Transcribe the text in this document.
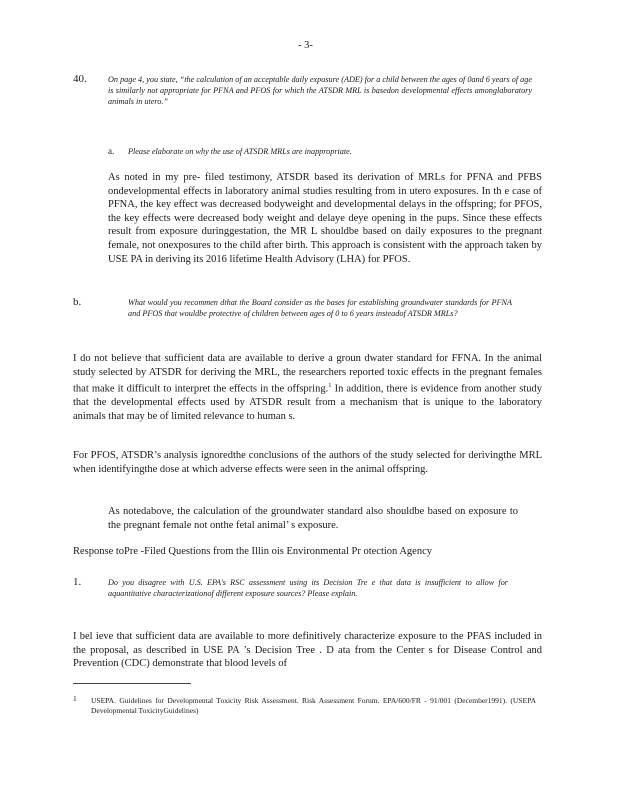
- 3-
40.	On page 4, you state, “the calculation of an acceptable daily exposure (ADE) for a child between the ages of 0and 6 years of age is similarly not appropriate for PFNA and PFOS for which the ATSDR MRL is basedon developmental effects amonglaboratory animals in utero.”

a. Please elaborate on why the use of ATSDR MRLs are inappropriate.

As noted in my pre- filed testimony, ATSDR based its derivation of MRLs for PFNA and PFBS ondevelopmental effects in laboratory animal studies resulting from in utero exposures. In th e case of PFNA, the key effect was decreased bodyweight and developmental delays in the offspring; for PFOS, the key effects were decreased body weight and delaye deye opening in the pups. Since these effects result from exposure duringgestation, the MR L shouldbe based on daily exposures to the pregnant female, not onexposures to the child after birth. This approach is consistent with the approach taken by USE PA in deriving its 2016 lifetime Health Advisory (LHA) for PFOS.

b.	What would you recommen dthat the Board consider as the bases for establishing groundwater standards for PFNA and PFOS that wouldbe protective of children between ages of 0 to 6 years insteadof ATSDR MRLs?

I do not believe that sufficient data are available to derive a groun dwater standard for FFNA. In the animal study selected by ATSDR for deriving the MRL, the researchers reported toxic effects in the pregnant females that make it difficult to interpret the effects in the offspring.$^1$ In addition, there is evidence from another study that the developmental effects used by ATSDR result from a mechanism that is unique to the laboratory animals that may be of limited relevance to human s.

For PFOS, ATSDR’s analysis ignoredthe conclusions of the authors of the study selected for derivingthe MRL when identifyingthe dose at which adverse effects were seen in the animal offspring.

As notedabove, the calculation of the groundwater standard also shouldbe based on exposure to the pregnant female not onthe fetal animal’ s exposure.

Response toPre -Filed Questions from the Illin ois Environmental Pr otection Agency
1.	Do you disagree with U.S. EPA's RSC assessment using its Decision Tre e that data is insufficient to allow for aquantitative characterizationof different exposure sources? Please explain.

I bel ieve that sufficient data are available to more definitively characterize exposure to the PFAS included in the proposal, as described in USE PA ’s Decision Tree . D ata from the Center s for Disease Control and Prevention (CDC) demonstrate that blood levels of

1 USEPA. Guidelines for Developmental Toxicity Risk Assessment. Risk Assessment Forum. EPA/600/FR - 91/001 (December1991). (USEPA Developmental ToxicityGuidelines)
